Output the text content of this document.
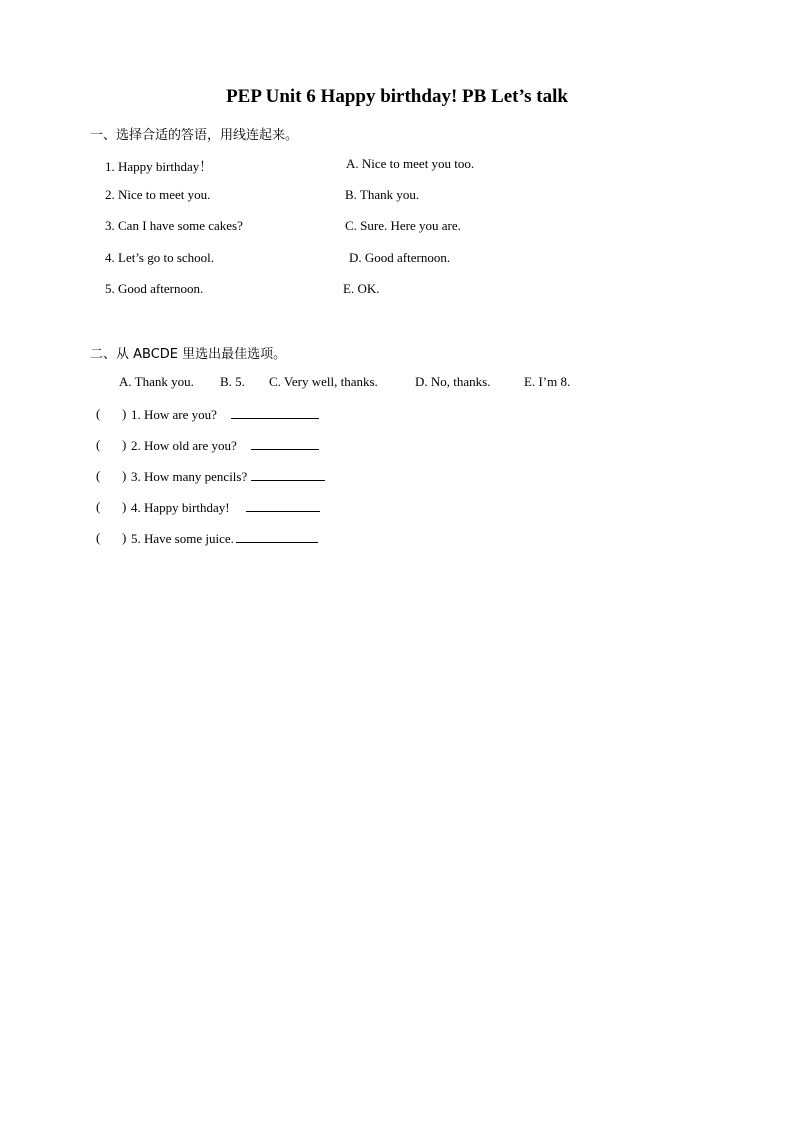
PEP Unit 6 Happy birthday! PB Let’s talk
一、选择合适的答语，用线连起来。
1. Happy birthday！
2. Nice to meet you.
3. Can I have some cakes?
4. Let’s go to school.
5. Good afternoon.
A. Nice to meet you too.
B. Thank you.
C. Sure. Here you are.
D. Good afternoon.
E. OK.
二、从 ABCDE 里选出最佳选项。
A. Thank you. B. 5. C. Very well, thanks.	D. No, thanks.	E. I’m 8.
( ) 1. How are you?
( ) 2. How old are you?
( ) 3. How many pencils?
( ) 4. Happy birthday!
( ) 5. Have some juice.
